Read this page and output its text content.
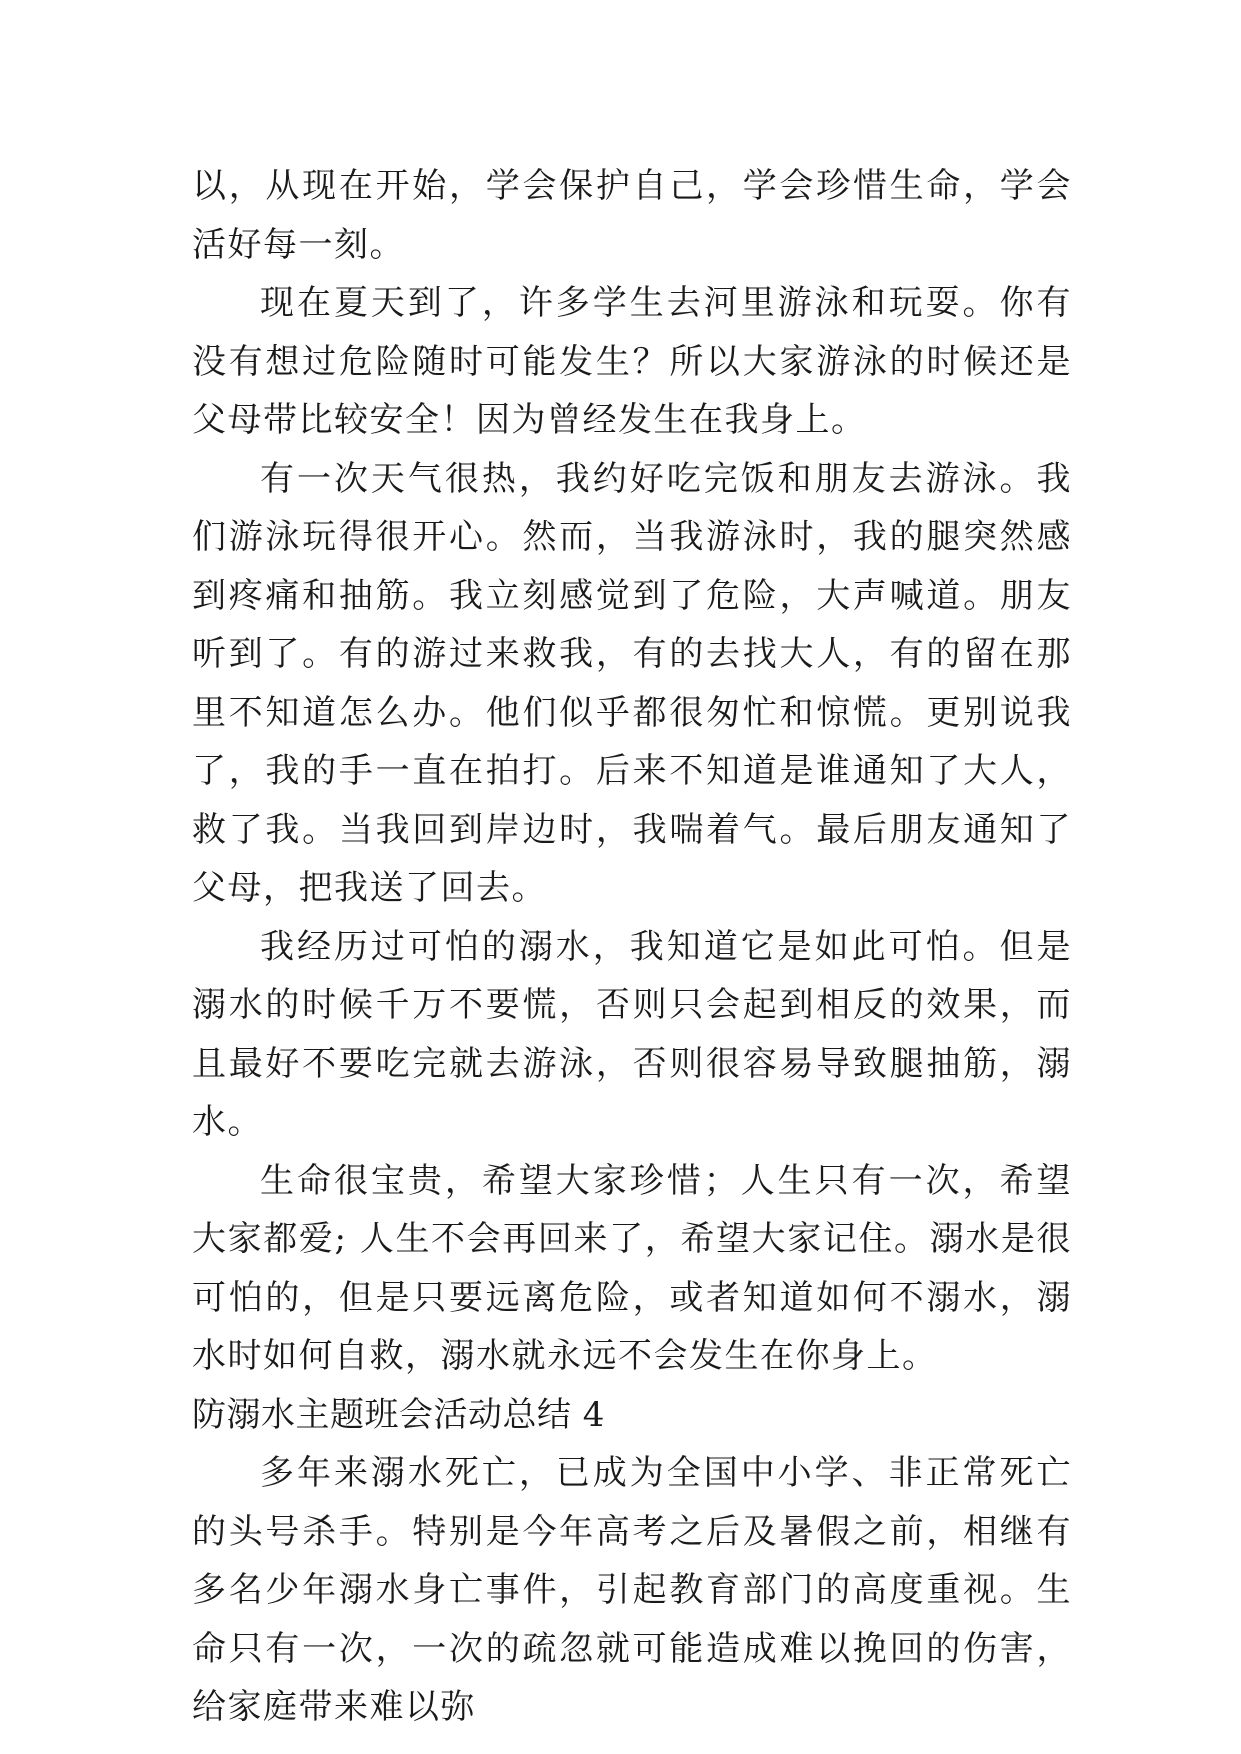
以，从现在开始，学会保护自己，学会珍惜生命，学会活好每一刻。

现在夏天到了，许多学生去河里游泳和玩耍。你有没有想过危险随时可能发生？所以大家游泳的时候还是父母带比较安全！因为曾经发生在我身上。

有一次天气很热，我约好吃完饭和朋友去游泳。我们游泳玩得很开心。然而，当我游泳时，我的腿突然感到疼痛和抽筋。我立刻感觉到了危险，大声喊道。朋友听到了。有的游过来救我，有的去找大人，有的留在那里不知道怎么办。他们似乎都很匆忙和惊慌。更别说我了，我的手一直在拍打。后来不知道是谁通知了大人，救了我。当我回到岸边时，我喘着气。最后朋友通知了父母，把我送了回去。

我经历过可怕的溺水，我知道它是如此可怕。但是溺水的时候千万不要慌，否则只会起到相反的效果，而且最好不要吃完就去游泳，否则很容易导致腿抽筋，溺水。

生命很宝贵，希望大家珍惜；人生只有一次，希望大家都爱; 人生不会再回来了，希望大家记住。溺水是很可怕的，但是只要远离危险，或者知道如何不溺水，溺水时如何自救，溺水就永远不会发生在你身上。

防溺水主题班会活动总结 4

多年来溺水死亡，已成为全国中小学、非正常死亡的头号杀手。特别是今年高考之后及暑假之前，相继有多名少年溺水身亡事件，引起教育部门的高度重视。生命只有一次，一次的疏忽就可能造成难以挽回的伤害，给家庭带来难以弥
